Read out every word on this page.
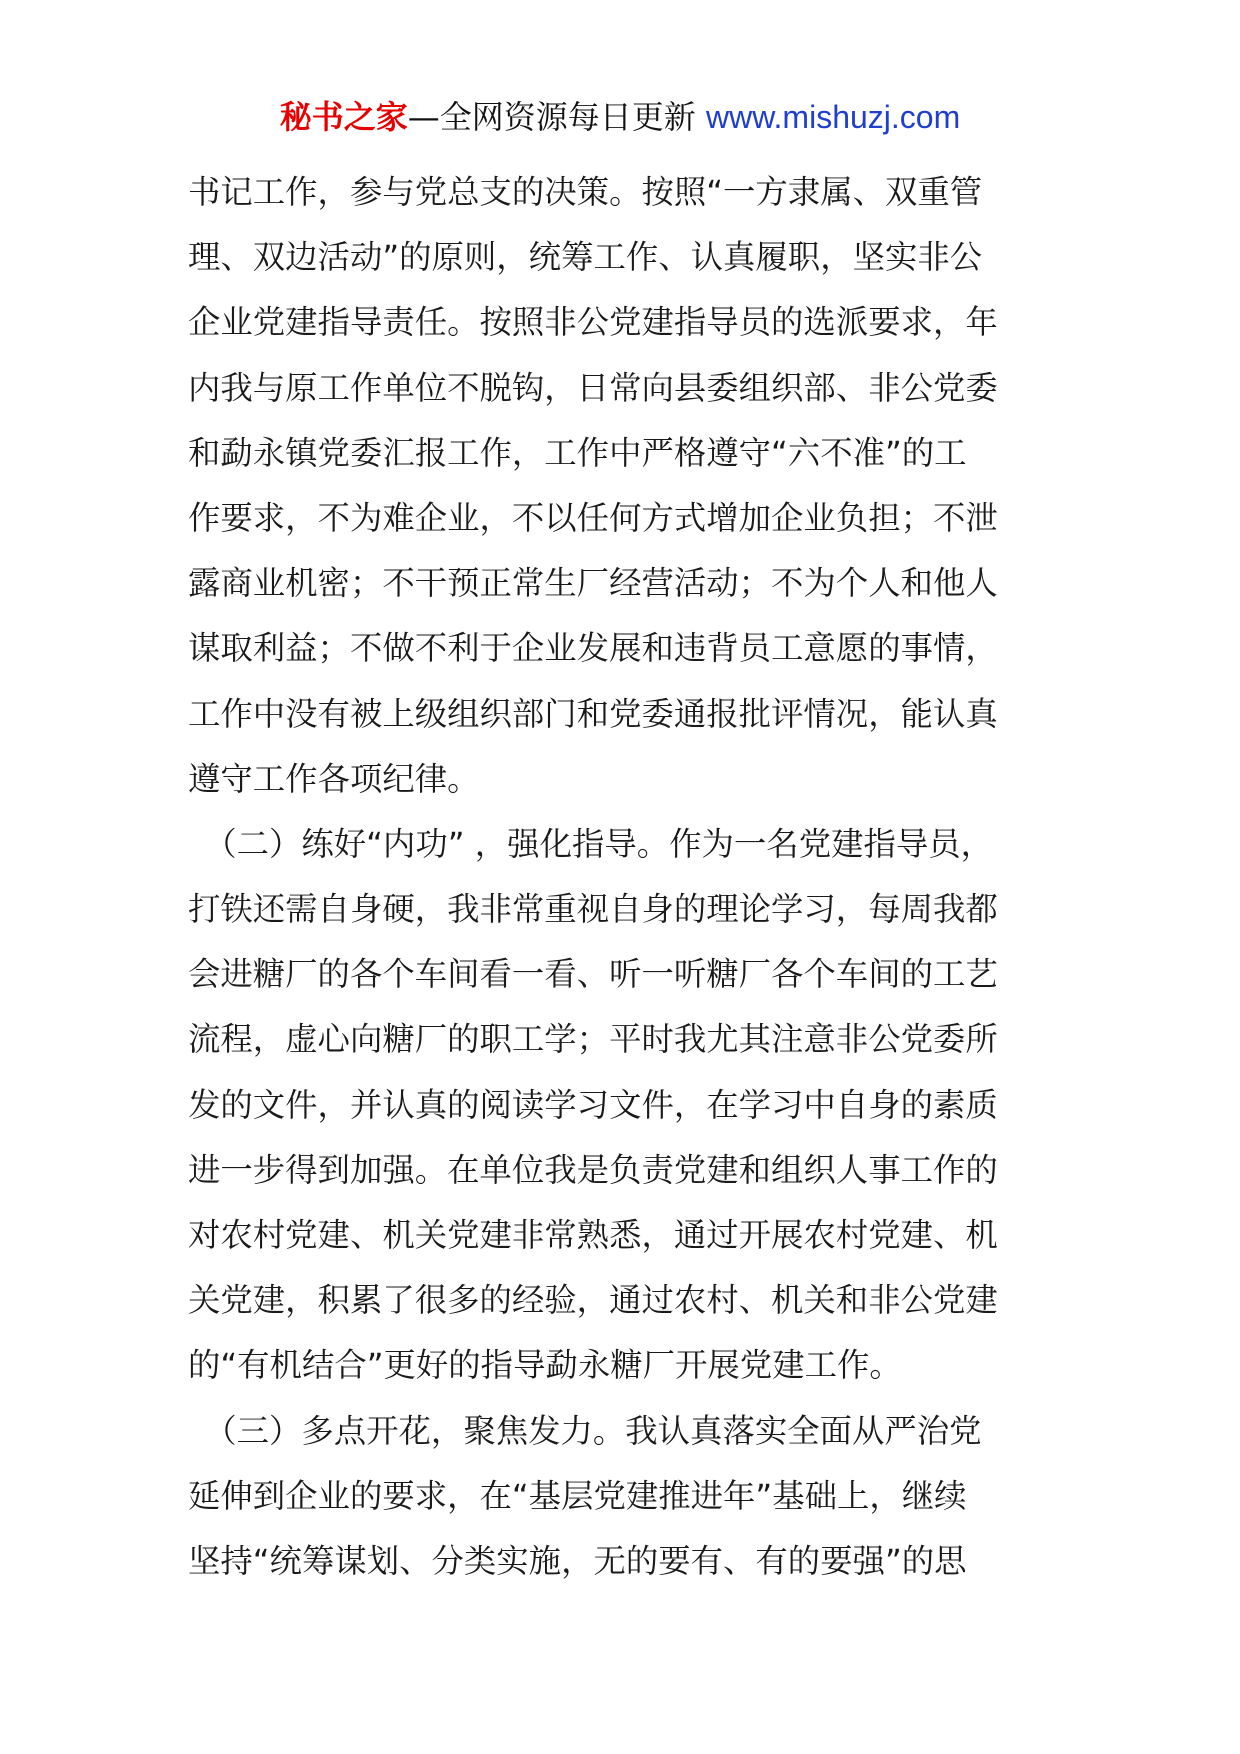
秘书之家—全网资源每日更新 www.mishuzj.com
书记工作，参与党总支的决策。按照“一方隶属、双重管
理、双边活动”的原则，统筹工作、认真履职，坚实非公
企业党建指导责任。按照非公党建指导员的选派要求，年
内我与原工作单位不脱钩，日常向县委组织部、非公党委
和勐永镇党委汇报工作，工作中严格遵守“六不准”的工
作要求，不为难企业，不以任何方式增加企业负担；不泄
露商业机密；不干预正常生厂经营活动；不为个人和他人
谋取利益；不做不利于企业发展和违背员工意愿的事情，
工作中没有被上级组织部门和党委通报批评情况，能认真
遵守工作各项纪律。
　（二）练好“内功” ，强化指导。作为一名党建指导员，
打铁还需自身硬，我非常重视自身的理论学习，每周我都
会进糖厂的各个车间看一看、听一听糖厂各个车间的工艺
流程，虚心向糖厂的职工学；平时我尤其注意非公党委所
发的文件，并认真的阅读学习文件，在学习中自身的素质
进一步得到加强。在单位我是负责党建和组织人事工作的
对农村党建、机关党建非常熟悉，通过开展农村党建、机
关党建，积累了很多的经验，通过农村、机关和非公党建
的“有机结合”更好的指导勐永糖厂开展党建工作。
　（三）多点开花，聚焦发力。我认真落实全面从严治党
延伸到企业的要求，在“基层党建推进年”基础上，继续
坚持“统筹谋划、分类实施，无的要有、有的要强”的思
